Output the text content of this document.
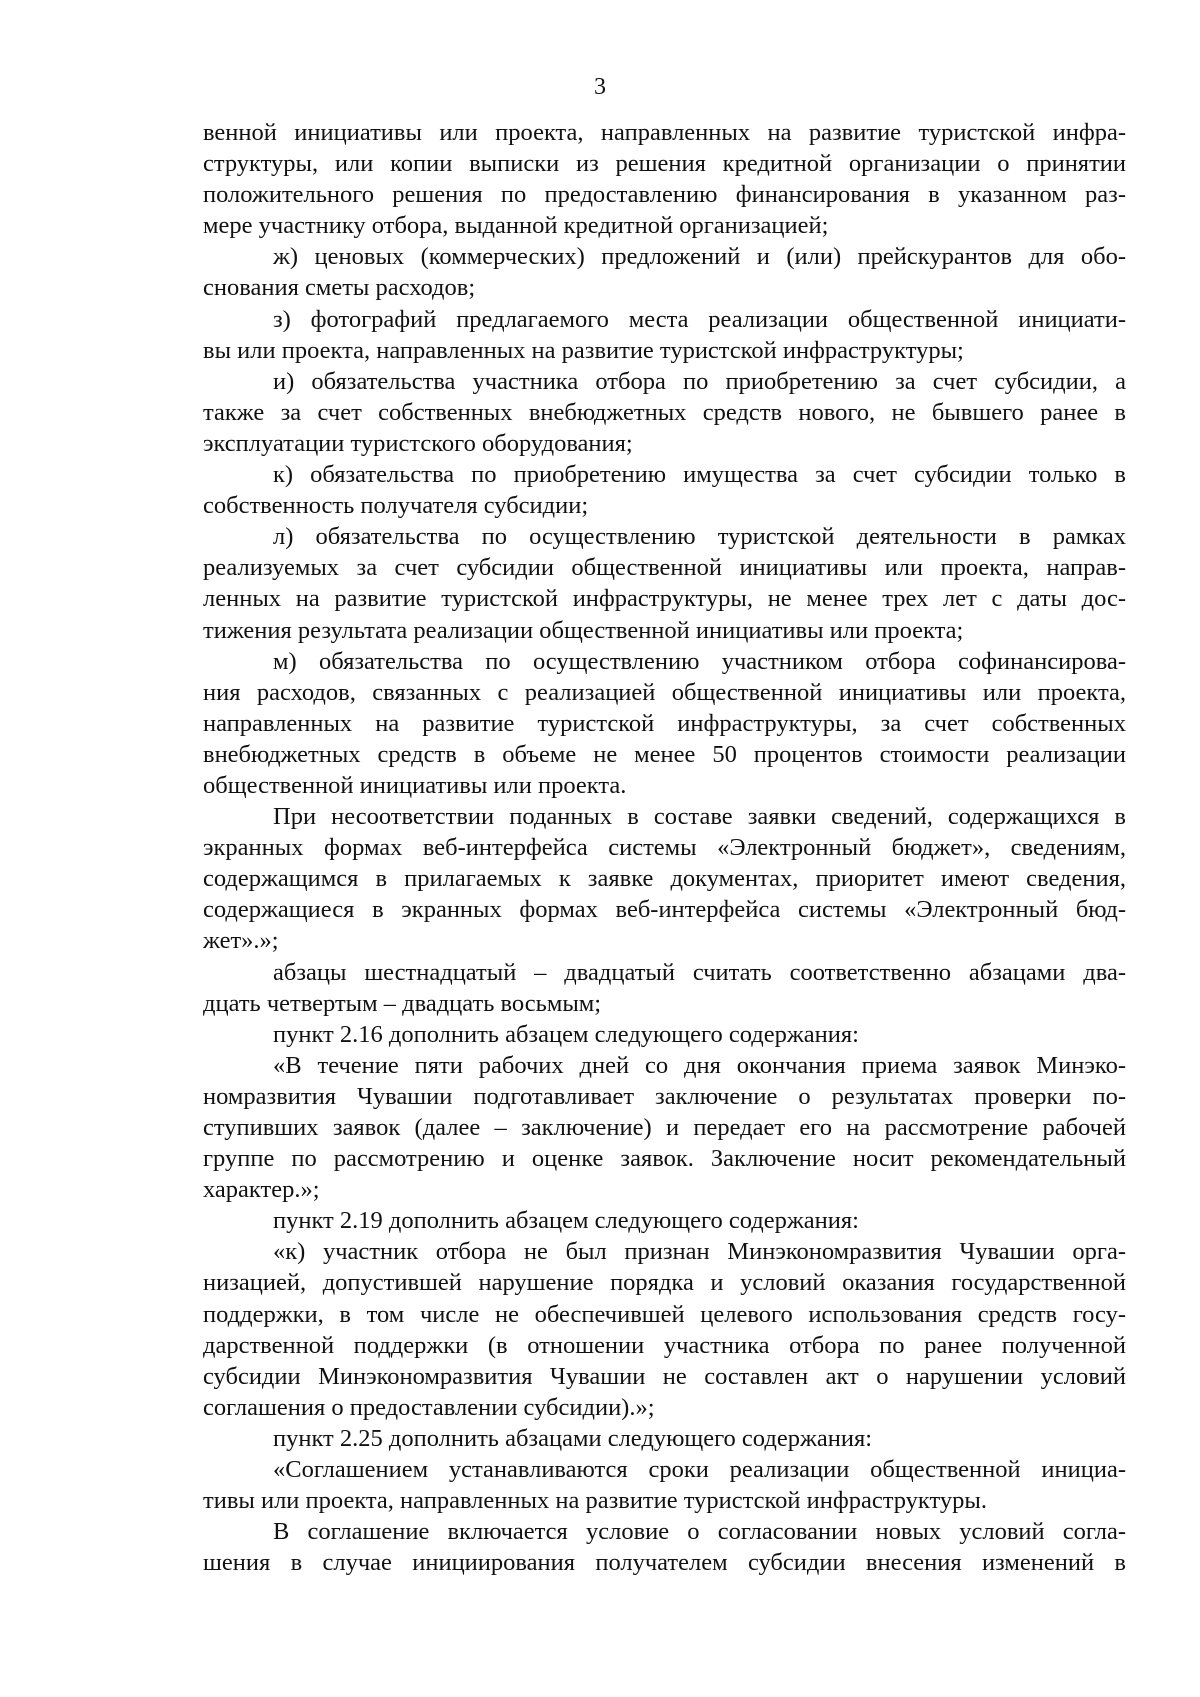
3
венной инициативы или проекта, направленных на развитие туристской инфра-
структуры, или копии выписки из решения кредитной организации о принятии
положительного решения по предоставлению финансирования в указанном раз-
мере участнику отбора, выданной кредитной организацией;
ж) ценовых (коммерческих) предложений и (или) прейскурантов для обо-
снования сметы расходов;
з) фотографий предлагаемого места реализации общественной инициати-
вы или проекта, направленных на развитие туристской инфраструктуры;
и) обязательства участника отбора по приобретению за счет субсидии, а
также за счет собственных внебюджетных средств нового, не бывшего ранее в
эксплуатации туристского оборудования;
к) обязательства по приобретению имущества за счет субсидии только в
собственность получателя субсидии;
л) обязательства по осуществлению туристской деятельности в рамках
реализуемых за счет субсидии общественной инициативы или проекта, направ-
ленных на развитие туристской инфраструктуры, не менее трех лет с даты дос-
тижения результата реализации общественной инициативы или проекта;
м) обязательства по осуществлению участником отбора софинансирова-
ния расходов, связанных с реализацией общественной инициативы или проекта,
направленных на развитие туристской инфраструктуры, за счет собственных
внебюджетных средств в объеме не менее 50 процентов стоимости реализации
общественной инициативы или проекта.
При несоответствии поданных в составе заявки сведений, содержащихся в
экранных формах веб-интерфейса системы «Электронный бюджет», сведениям,
содержащимся в прилагаемых к заявке документах, приоритет имеют сведения,
содержащиеся в экранных формах веб-интерфейса системы «Электронный бюд-
жет».»;
абзацы шестнадцатый – двадцатый считать соответственно абзацами два-
дцать четвертым – двадцать восьмым;
пункт 2.16 дополнить абзацем следующего содержания:
«В течение пяти рабочих дней со дня окончания приема заявок Минэко-
номразвития Чувашии подготавливает заключение о результатах проверки по-
ступивших заявок (далее – заключение) и передает его на рассмотрение рабочей
группе по рассмотрению и оценке заявок. Заключение носит рекомендательный
характер.»;
пункт 2.19 дополнить абзацем следующего содержания:
«к) участник отбора не был признан Минэкономразвития Чувашии орга-
низацией, допустившей нарушение порядка и условий оказания государственной
поддержки, в том числе не обеспечившей целевого использования средств госу-
дарственной поддержки (в отношении участника отбора по ранее полученной
субсидии Минэкономразвития Чувашии не составлен акт о нарушении условий
соглашения о предоставлении субсидии).»;
пункт 2.25 дополнить абзацами следующего содержания:
«Соглашением устанавливаются сроки реализации общественной инициа-
тивы или проекта, направленных на развитие туристской инфраструктуры.
В соглашение включается условие о согласовании новых условий согла-
шения в случае инициирования получателем субсидии внесения изменений в
